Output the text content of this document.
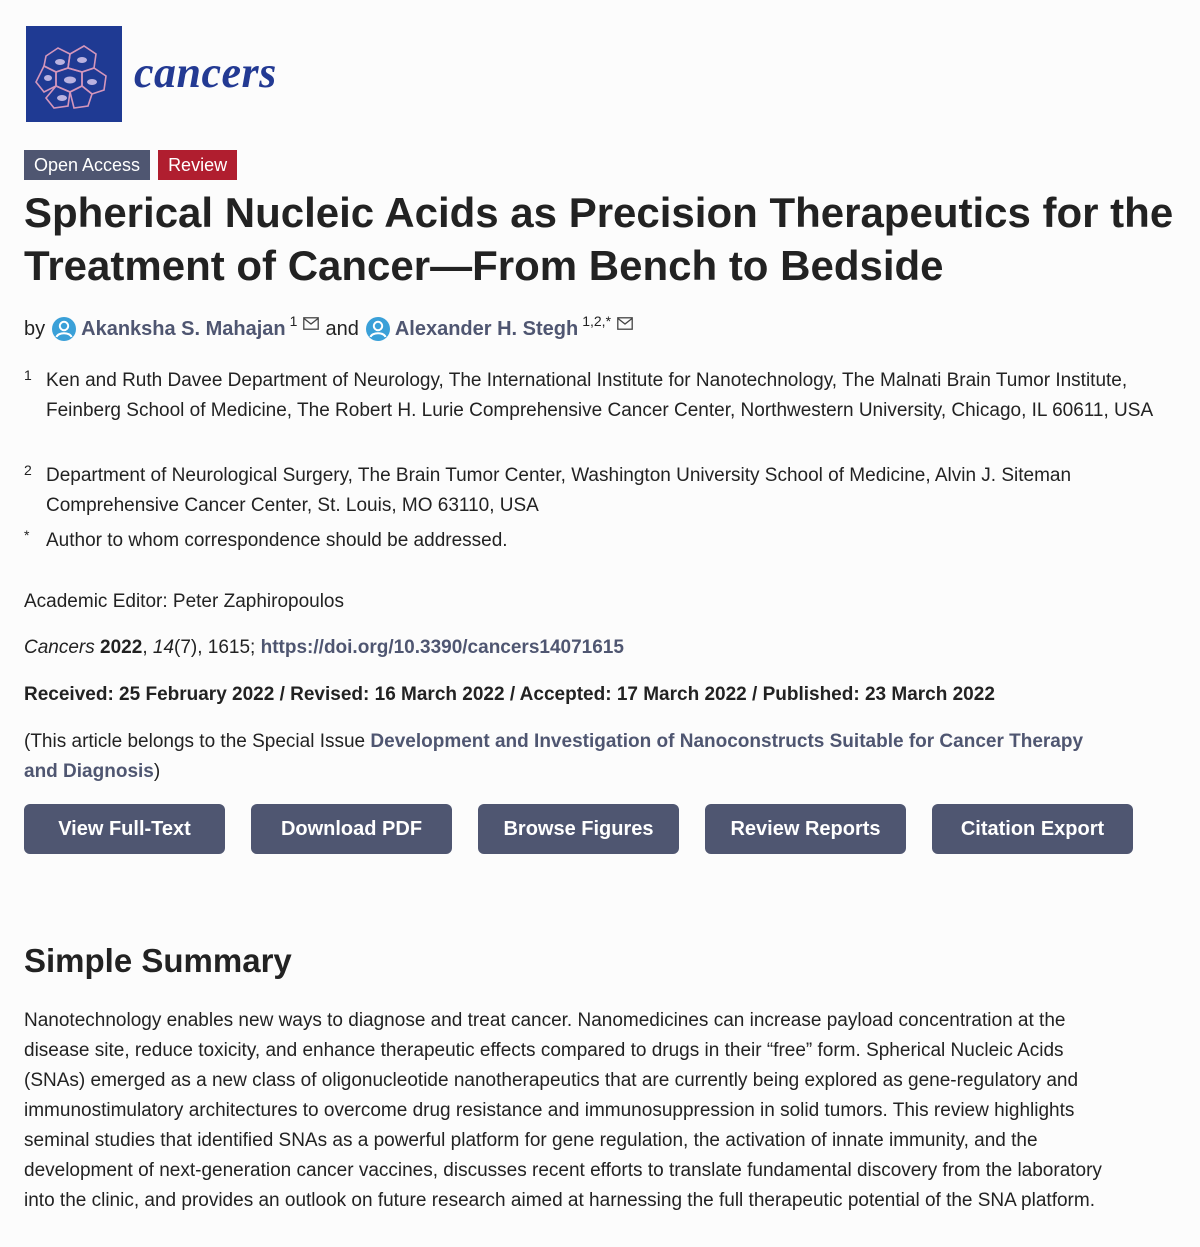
cancers
Open Access	Review
Spherical Nucleic Acids as Precision Therapeutics for the Treatment of Cancer—From Bench to Bedside
by Akanksha S. Mahajan 1 and Alexander H. Stegh 1,2,*
1 Ken and Ruth Davee Department of Neurology, The International Institute for Nanotechnology, The Malnati Brain Tumor Institute, Feinberg School of Medicine, The Robert H. Lurie Comprehensive Cancer Center, Northwestern University, Chicago, IL 60611, USA
2 Department of Neurological Surgery, The Brain Tumor Center, Washington University School of Medicine, Alvin J. Siteman Comprehensive Cancer Center, St. Louis, MO 63110, USA
* Author to whom correspondence should be addressed.
Academic Editor: Peter Zaphiropoulos
Cancers 2022, 14(7), 1615; https://doi.org/10.3390/cancers14071615
Received: 25 February 2022 / Revised: 16 March 2022 / Accepted: 17 March 2022 / Published: 23 March 2022
(This article belongs to the Special Issue Development and Investigation of Nanoconstructs Suitable for Cancer Therapy
and Diagnosis)
View Full-Text	Download PDF	Browse Figures	Review Reports	Citation Export
Simple Summary
Nanotechnology enables new ways to diagnose and treat cancer. Nanomedicines can increase payload concentration at the
disease site, reduce toxicity, and enhance therapeutic effects compared to drugs in their “free” form. Spherical Nucleic Acids
(SNAs) emerged as a new class of oligonucleotide nanotherapeutics that are currently being explored as gene-regulatory and
immunostimulatory architectures to overcome drug resistance and immunosuppression in solid tumors. This review highlights
seminal studies that identified SNAs as a powerful platform for gene regulation, the activation of innate immunity, and the
development of next-generation cancer vaccines, discusses recent efforts to translate fundamental discovery from the laboratory
into the clinic, and provides an outlook on future research aimed at harnessing the full therapeutic potential of the SNA platform.
